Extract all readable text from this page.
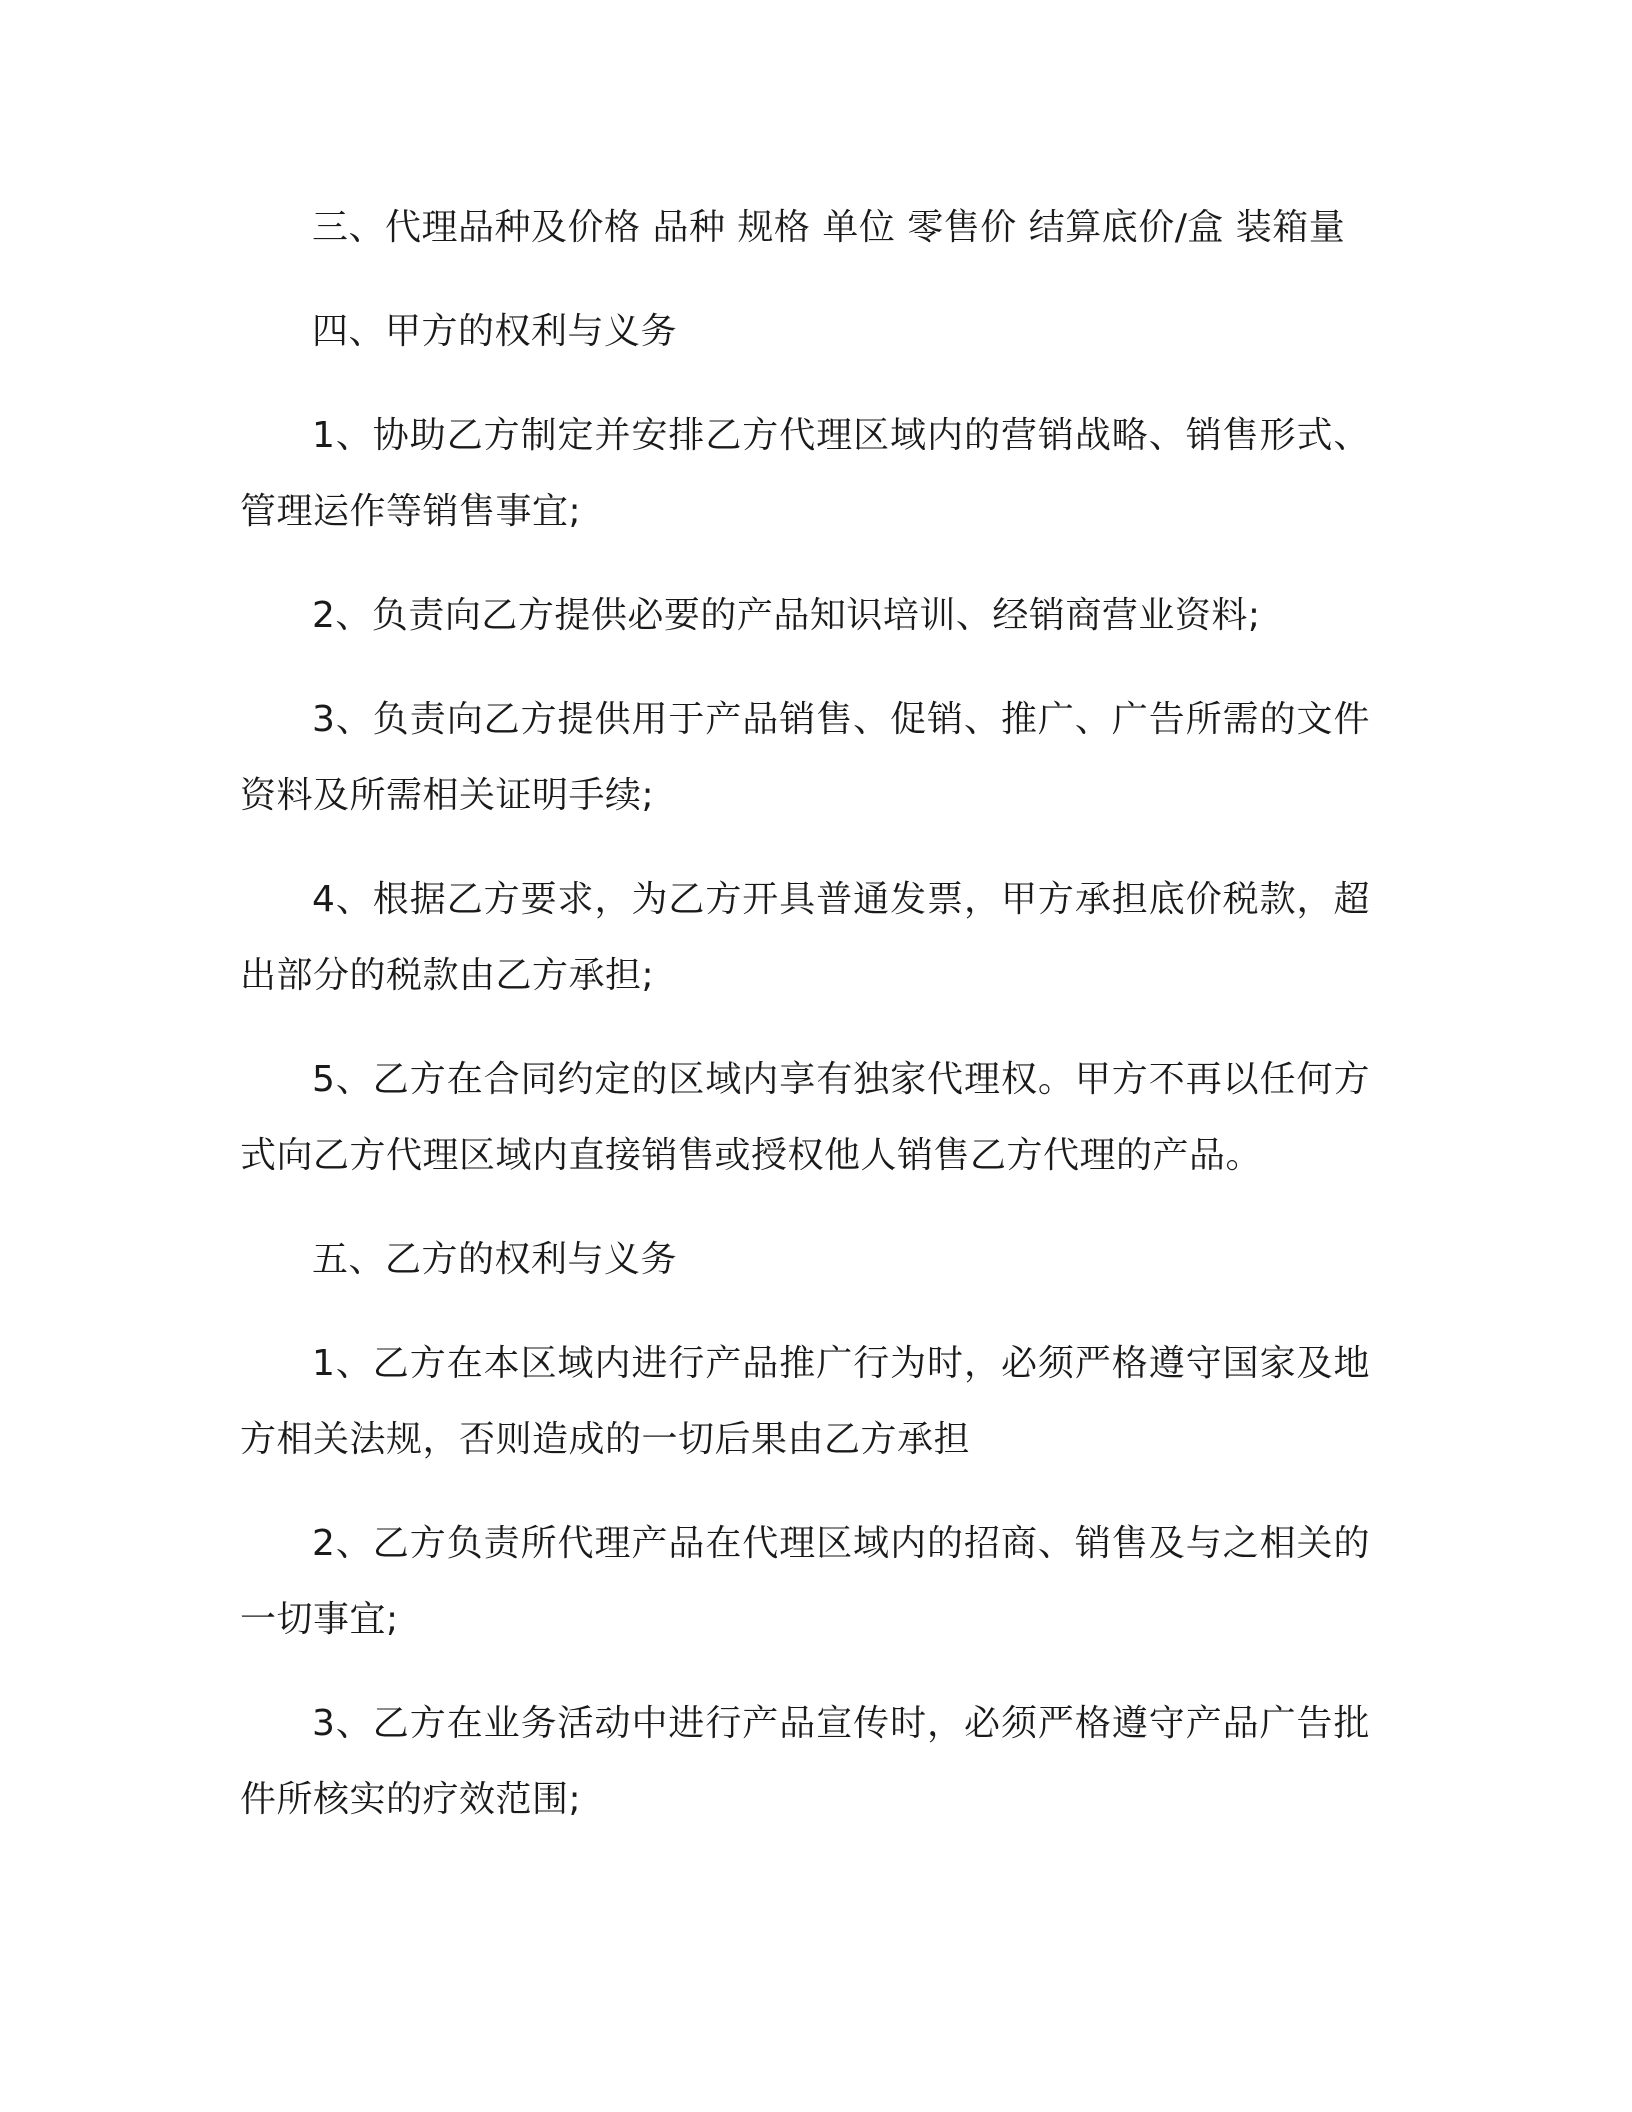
三、代理品种及价格 品种 规格 单位 零售价 结算底价/盒 装箱量

四、甲方的权利与义务

1、协助乙方制定并安排乙方代理区域内的营销战略、销售形式、管理运作等销售事宜;

2、负责向乙方提供必要的产品知识培训、经销商营业资料;

3、负责向乙方提供用于产品销售、促销、推广、广告所需的文件资料及所需相关证明手续;

4、根据乙方要求，为乙方开具普通发票，甲方承担底价税款，超出部分的税款由乙方承担;

5、乙方在合同约定的区域内享有独家代理权。甲方不再以任何方式向乙方代理区域内直接销售或授权他人销售乙方代理的产品。

五、乙方的权利与义务

1、乙方在本区域内进行产品推广行为时，必须严格遵守国家及地方相关法规，否则造成的一切后果由乙方承担

2、乙方负责所代理产品在代理区域内的招商、销售及与之相关的一切事宜;

3、乙方在业务活动中进行产品宣传时，必须严格遵守产品广告批件所核实的疗效范围;
